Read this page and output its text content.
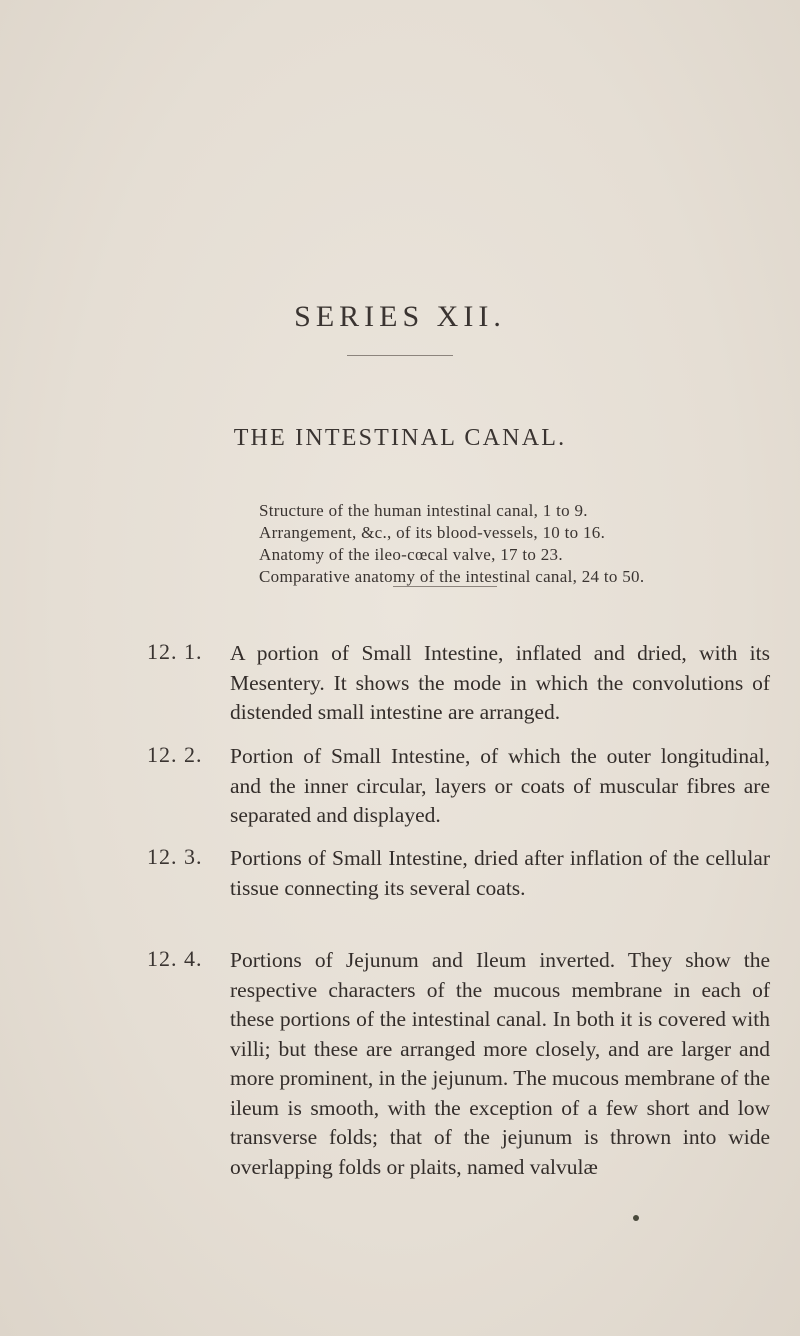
SERIES XII.
THE INTESTINAL CANAL.
Structure of the human intestinal canal, 1 to 9.
Arrangement, &c., of its blood-vessels, 10 to 16.
Anatomy of the ileo-cœcal valve, 17 to 23.
Comparative anatomy of the intestinal canal, 24 to 50.
12. 1. A portion of Small Intestine, inflated and dried, with its Mesentery. It shows the mode in which the convolutions of distended small intestine are arranged.
12. 2. Portion of Small Intestine, of which the outer longitudinal, and the inner circular, layers or coats of muscular fibres are separated and displayed.
12. 3. Portions of Small Intestine, dried after inflation of the cellular tissue connecting its several coats.
12. 4. Portions of Jejunum and Ileum inverted. They show the respective characters of the mucous membrane in each of these portions of the intestinal canal. In both it is covered with villi; but these are arranged more closely, and are larger and more prominent, in the jejunum. The mucous membrane of the ileum is smooth, with the exception of a few short and low transverse folds; that of the jejunum is thrown into wide overlapping folds or plaits, named valvulæ
